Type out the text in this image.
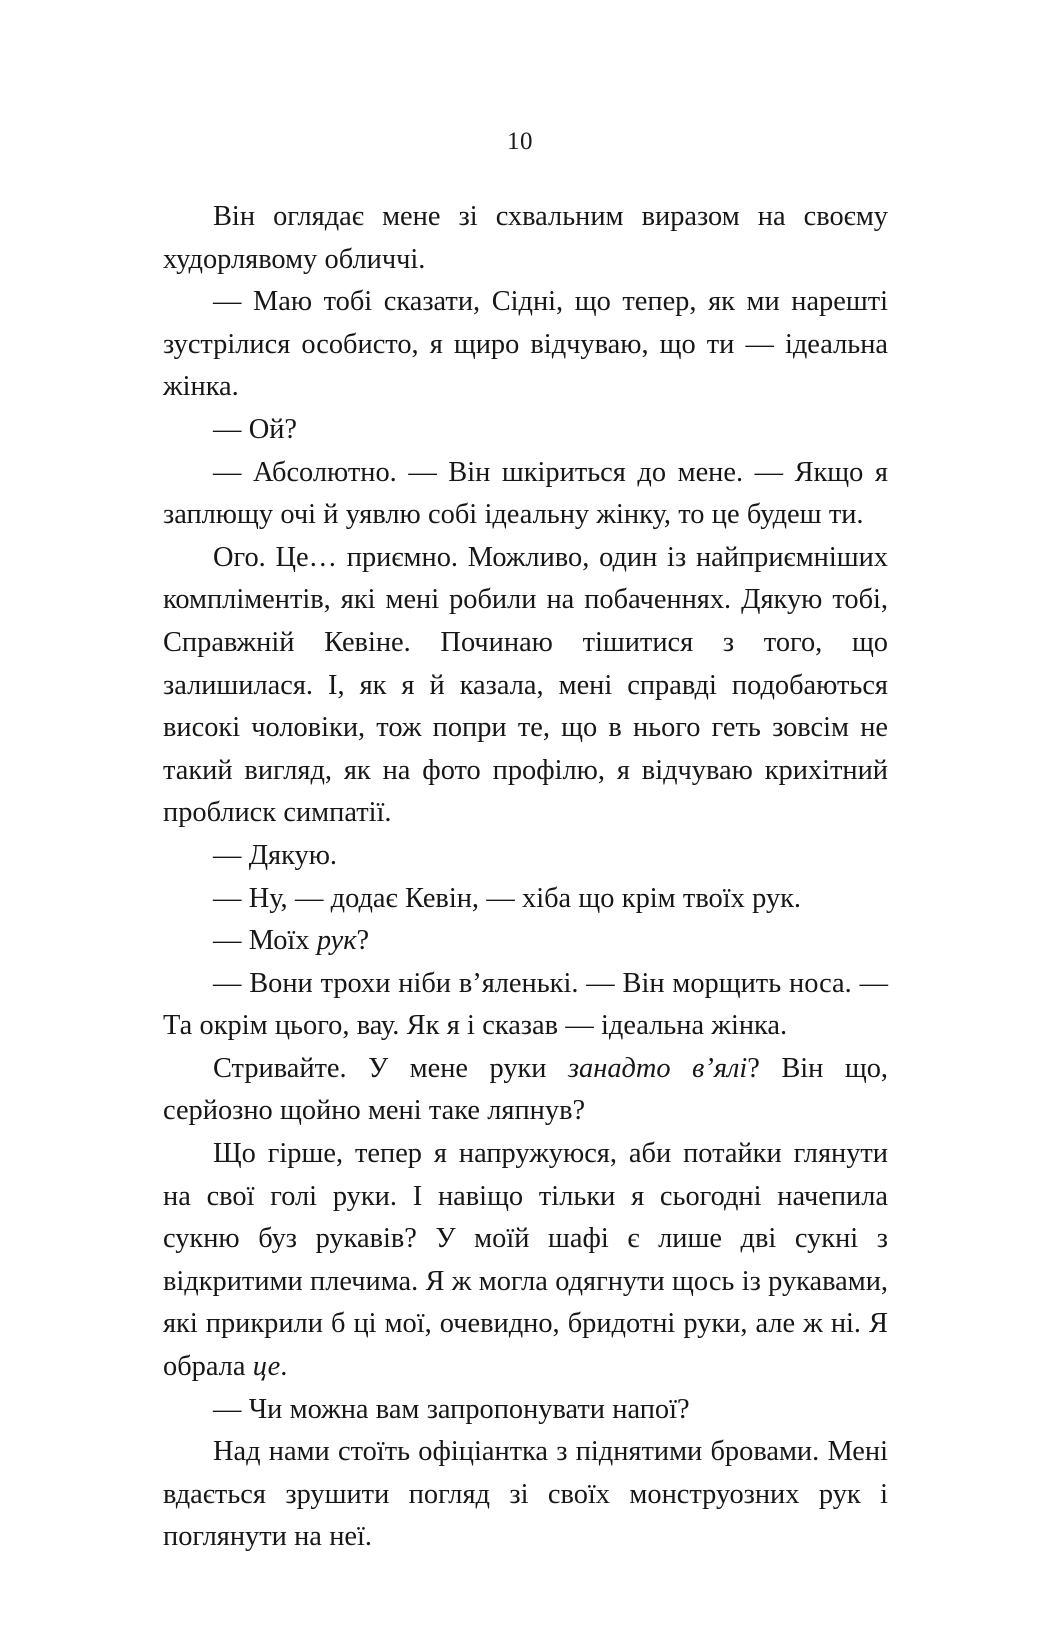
10

Він оглядає мене зі схвальним виразом на своєму худорлявому обличчі.

— Маю тобі сказати, Сідні, що тепер, як ми нарешті зустрілися особисто, я щиро відчуваю, що ти — ідеальна жінка.

— Ой?

— Абсолютно. — Він шкіриться до мене. — Якщо я заплющу очі й уявлю собі ідеальну жінку, то це будеш ти.

Ого. Це… приємно. Можливо, один із найприємніших компліментів, які мені робили на побаченнях. Дякую тобі, Справжній Кевіне. Починаю тішитися з того, що залишилася. І, як я й казала, мені справді подобаються високі чоловіки, тож попри те, що в нього геть зовсім не такий вигляд, як на фото профілю, я відчуваю крихітний проблиск симпатії.

— Дякую.

— Ну, — додає Кевін, — хіба що крім твоїх рук.

— Моїх рук?

— Вони трохи ніби в’яленькі. — Він морщить носа. — Та окрім цього, вау. Як я і сказав — ідеальна жінка.

Стривайте. У мене руки занадто в’ялі? Він що, серйозно щойно мені таке ляпнув?

Що гірше, тепер я напружуюся, аби потайки глянути на свої голі руки. І навіщо тільки я сьогодні начепила сукню буз рукавів? У моїй шафі є лише дві сукні з відкритими плечима. Я ж могла одягнути щось із рукавами, які прикрили б ці мої, очевидно, бридотні руки, але ж ні. Я обрала це.

— Чи можна вам запропонувати напої?

Над нами стоїть офіціантка з піднятими бровами. Мені вдається зрушити погляд зі своїх монструозних рук і поглянути на неї.
